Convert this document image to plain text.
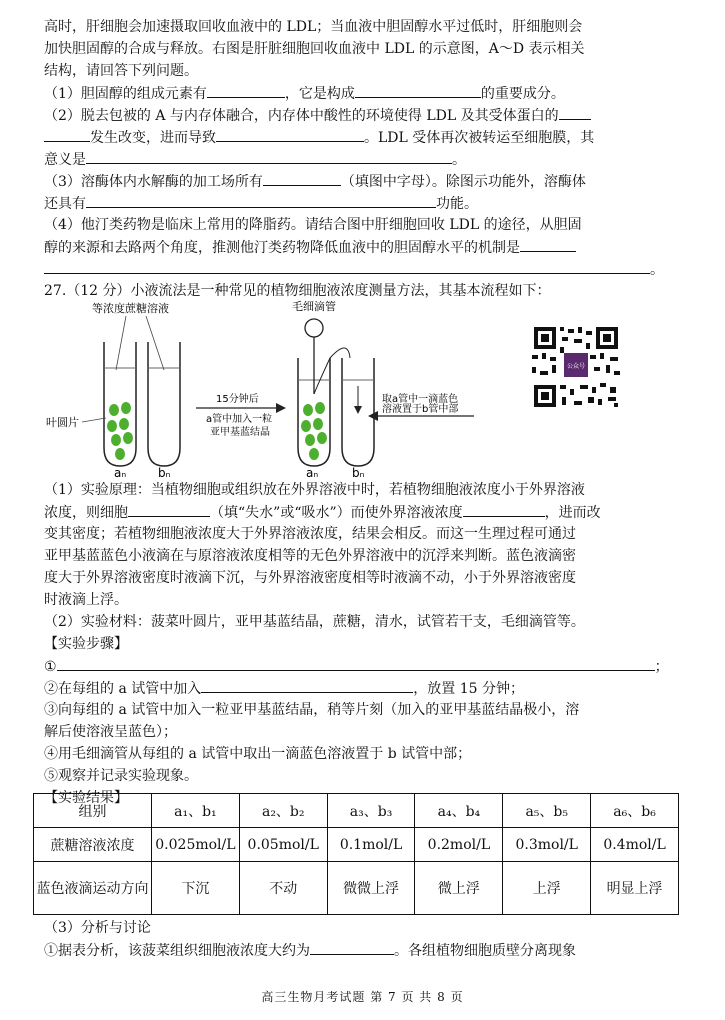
高时，肝细胞会加速摄取回收血液中的 LDL；当血液中胆固醇水平过低时，肝细胞则会
加快胆固醇的合成与释放。右图是肝脏细胞回收血液中 LDL 的示意图，A～D 表示相关
结构，请回答下列问题。
（1）胆固醇的组成元素有	，它是构成	的重要成分。
（2）脱去包被的 A 与内存体融合，内存体中酸性的环境使得 LDL 及其受体蛋白的
发生改变，进而导致	。LDL 受体再次被转运至细胞膜，其
意义是	。
（3）溶酶体内水解酶的加工场所有	（填图中字母）。除图示功能外，溶酶体
还具有	功能。
（4）他汀类药物是临床上常用的降脂药。请结合图中肝细胞回收 LDL 的途径，从胆固
醇的来源和去路两个角度，推测他汀类药物降低血液中的胆固醇水平的机制是
。
27.（12 分）小液流法是一种常见的植物细胞液浓度测量方法，其基本流程如下：
等浓度蔗糖溶液
叶圆片
aₙ	bₙ
15分钟后
a管中加入一粒
亚甲基蓝结晶
毛细滴管
aₙ	bₙ
取a管中一滴蓝色
溶液置于b管中部
公众号
（1）实验原理：当植物细胞或组织放在外界溶液中时，若植物细胞液浓度小于外界溶液
浓度，则细胞	（填“失水”或“吸水”）而使外界溶液浓度	，进而改
变其密度；若植物细胞液浓度大于外界溶液浓度，结果会相反。而这一生理过程可通过
亚甲基蓝蓝色小液滴在与原溶液浓度相等的无色外界溶液中的沉浮来判断。蓝色液滴密
度大于外界溶液密度时液滴下沉，与外界溶液密度相等时液滴不动，小于外界溶液密度
时液滴上浮。
（2）实验材料：菠菜叶圆片，亚甲基蓝结晶，蔗糖，清水，试管若干支，毛细滴管等。
【实验步骤】
①	；
②在每组的 a 试管中加入	，放置 15 分钟；
③向每组的 a 试管中加入一粒亚甲基蓝结晶，稍等片刻（加入的亚甲基蓝结晶极小，溶
解后使溶液呈蓝色）；
④用毛细滴管从每组的 a 试管中取出一滴蓝色溶液置于 b 试管中部；
⑤观察并记录实验现象。
【实验结果】
组别	a₁、b₁	a₂、b₂	a₃、b₃	a₄、b₄	a₅、b₅	a₆、b₆
蔗糖溶液浓度	0.025mol/L	0.05mol/L	0.1mol/L	0.2mol/L	0.3mol/L	0.4mol/L
蓝色液滴运动方向	下沉	不动	微微上浮	微上浮	上浮	明显上浮
（3）分析与讨论
①据表分析，该菠菜组织细胞液浓度大约为	。各组植物细胞质壁分离现象
高三生物月考试题 第 7 页 共 8 页
